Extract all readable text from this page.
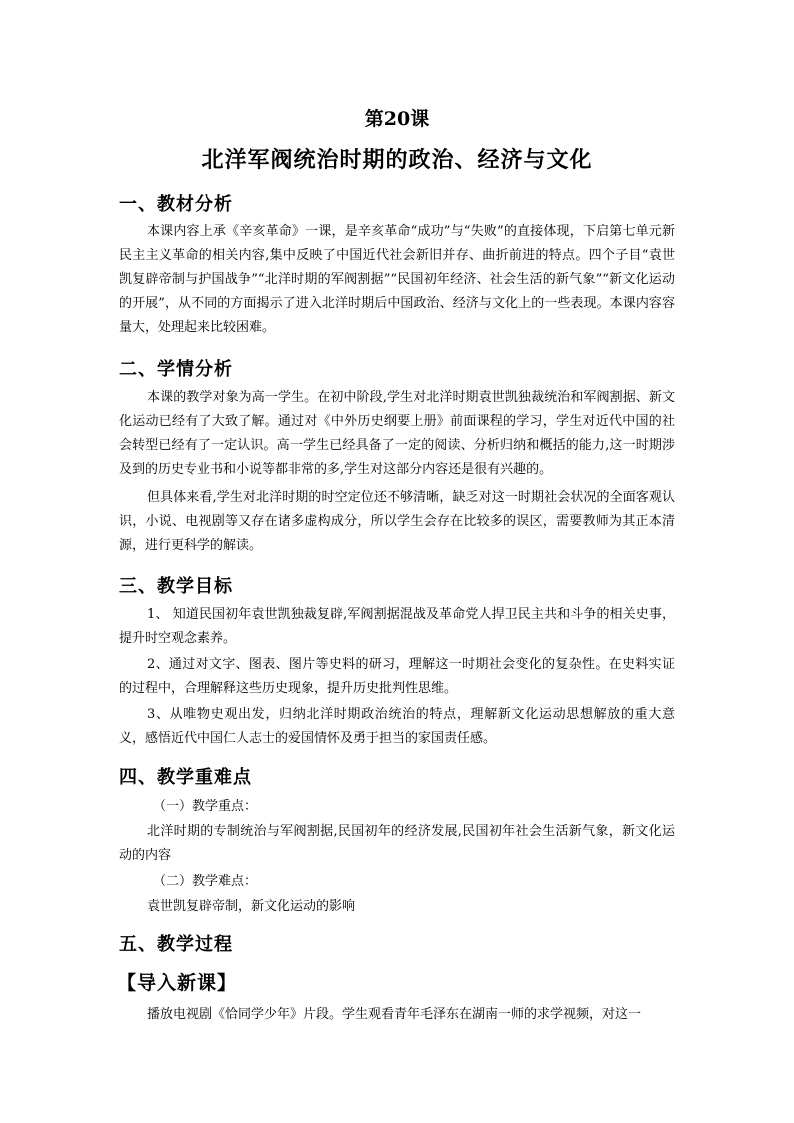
第20课
北洋军阀统治时期的政治、经济与文化
一、教材分析

本课内容上承《辛亥革命》一课，是辛亥革命“成功”与“失败”的直接体现，下启第七单元新民主主义革命的相关内容,集中反映了中国近代社会新旧并存、曲折前进的特点。四个子目“袁世凯复辟帝制与护国战争”“北洋时期的军阀割据”“民国初年经济、社会生活的新气象”“新文化运动的开展”，从不同的方面揭示了进入北洋时期后中国政治、经济与文化上的一些表现。本课内容容量大，处理起来比较困难。

二、学情分析

本课的教学对象为高一学生。在初中阶段,学生对北洋时期袁世凯独裁统治和军阀割据、新文化运动已经有了大致了解。通过对《中外历史纲要上册》前面课程的学习，学生对近代中国的社会转型已经有了一定认识。高一学生已经具备了一定的阅读、分析归纳和概括的能力,这一时期涉及到的历史专业书和小说等都非常的多,学生对这部分内容还是很有兴趣的。

但具体来看,学生对北洋时期的时空定位还不够清晰，缺乏对这一时期社会状况的全面客观认识，小说、电视剧等又存在诸多虚构成分，所以学生会存在比较多的误区，需要教师为其正本清源，进行更科学的解读。

三、教学目标

1、 知道民国初年袁世凯独裁复辟,军阀割据混战及革命党人捍卫民主共和斗争的相关史事，提升时空观念素养。

2、通过对文字、图表、图片等史料的研习，理解这一时期社会变化的复杂性。在史料实证的过程中，合理解释这些历史现象，提升历史批判性思维。

3、从唯物史观出发，归纳北洋时期政治统治的特点，理解新文化运动思想解放的重大意义，感悟近代中国仁人志士的爱国情怀及勇于担当的家国责任感。

四、教学重难点

（一）教学重点：

北洋时期的专制统治与军阀割据,民国初年的经济发展,民国初年社会生活新气象，新文化运动的内容

（二）教学难点：

袁世凯复辟帝制，新文化运动的影响

五、教学过程
【导入新课】

播放电视剧《恰同学少年》片段。学生观看青年毛泽东在湖南一师的求学视频，对这一
